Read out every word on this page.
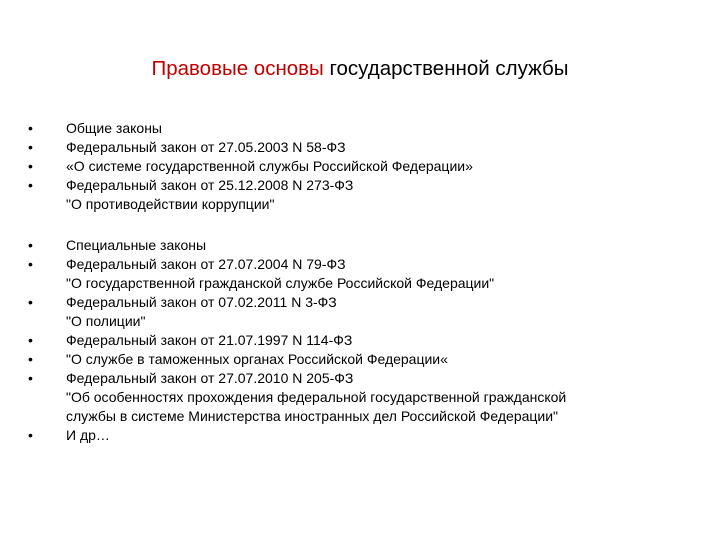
Правовые основы государственной службы
•	Общие законы
•	Федеральный закон от 27.05.2003 N 58-ФЗ
•	«О системе государственной службы Российской Федерации»
•	Федеральный закон от 25.12.2008 N 273-ФЗ
"О противодействии коррупции"
•	Специальные законы
•	Федеральный закон от 27.07.2004 N 79-ФЗ
"О государственной гражданской службе Российской Федерации"
•	Федеральный закон от 07.02.2011 N 3-ФЗ
"О полиции"
•	Федеральный закон от 21.07.1997 N 114-ФЗ
•	"О службе в таможенных органах Российской Федерации«
•	Федеральный закон от 27.07.2010 N 205-ФЗ
"Об особенностях прохождения федеральной государственной гражданской
службы в системе Министерства иностранных дел Российской Федерации"
•	И др…
